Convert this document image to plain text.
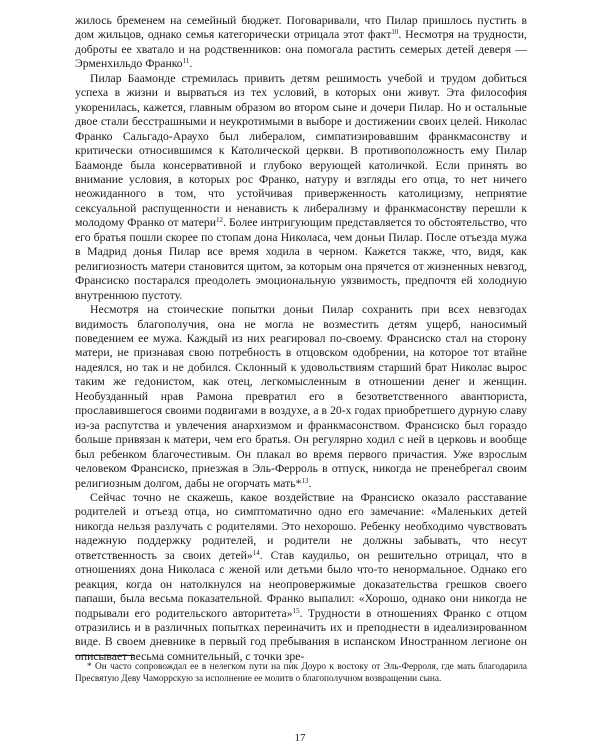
жилось бременем на семейный бюджет. Поговаривали, что Пилар пришлось пустить в дом жильцов, однако семья категорически отрицала этот факт$^{10}$. Несмотря на трудности, доброты ее хватало и на родственников: она помогала растить семерых детей деверя — Эрменхильдо Франко$^{11}$.

Пилар Баамонде стремилась привить детям решимость учебой и трудом добиться успеха в жизни и вырваться из тех условий, в которых они живут. Эта философия укоренилась, кажется, главным образом во втором сыне и дочери Пилар. Но и остальные двое стали бесстрашными и неукротимыми в выборе и достижении своих целей. Николас Франко Сальгадо-Араухо был либералом, симпатизировавшим франкмасонству и критически относившимся к Католической церкви. В противоположность ему Пилар Баамонде была консервативной и глубоко верующей католичкой. Если принять во внимание условия, в которых рос Франко, натуру и взгляды его отца, то нет ничего неожиданного в том, что устойчивая приверженность католицизму, неприятие сексуальной распущенности и ненависть к либерализму и франкмасонству перешли к молодому Франко от матери$^{12}$. Более интригующим представляется то обстоятельство, что его братья пошли скорее по стопам дона Николаса, чем доньи Пилар. После отъезда мужа в Мадрид донья Пилар все время ходила в черном. Кажется также, что, видя, как религиозность матери становится щитом, за которым она прячется от жизненных невзгод, Франсиско постарался преодолеть эмоциональную уязвимость, предпочтя ей холодную внутреннюю пустоту.

Несмотря на стоические попытки доньи Пилар сохранить при всех невзгодах видимость благополучия, она не могла не возместить детям ущерб, наносимый поведением ее мужа. Каждый из них реагировал по-своему. Франсиско стал на сторону матери, не признавая свою потребность в отцовском одобрении, на которое тот втайне надеялся, но так и не добился. Склонный к удовольствиям старший брат Николас вырос таким же гедонистом, как отец, легкомысленным в отношении денег и женщин. Необузданный нрав Рамона превратил его в безответственного авантюриста, прославившегося своими подвигами в воздухе, а в 20-х годах приобретшего дурную славу из-за распутства и увлечения анархизмом и франкмасонством. Франсиско был гораздо больше привязан к матери, чем его братья. Он регулярно ходил с ней в церковь и вообще был ребенком благочестивым. Он плакал во время первого причастия. Уже взрослым человеком Франсиско, приезжая в Эль-Ферроль в отпуск, никогда не пренебрегал своим религиозным долгом, дабы не огорчать мать*$^{13}$.

Сейчас точно не скажешь, какое воздействие на Франсиско оказало расставание родителей и отъезд отца, но симптоматично одно его замечание: «Маленьких детей никогда нельзя разлучать с родителями. Это нехорошо. Ребенку необходимо чувствовать надежную поддержку родителей, и родители не должны забывать, что несут ответственность за своих детей»$^{14}$. Став каудильо, он решительно отрицал, что в отношениях дона Николаса с женой или детьми было что-то ненормальное. Однако его реакция, когда он натолкнулся на неопровержимые доказательства грешков своего папаши, была весьма показательной. Франко выпалил: «Хорошо, однако они никогда не подрывали его родительского авторитета»$^{15}$. Трудности в отношениях Франко с отцом отразились и в различных попытках переиначить их и преподнести в идеализированном виде. В своем дневнике в первый год пребывания в испанском Иностранном легионе он описывает весьма сомнительный, с точки зре-

* Он часто сопровождал ее в нелегком пути на пик Доуро к востоку от Эль-Ферроля, где мать благодарила Пресвятую Деву Чаморрскую за исполнение ее молитв о благополучном возвращении сына.
17
